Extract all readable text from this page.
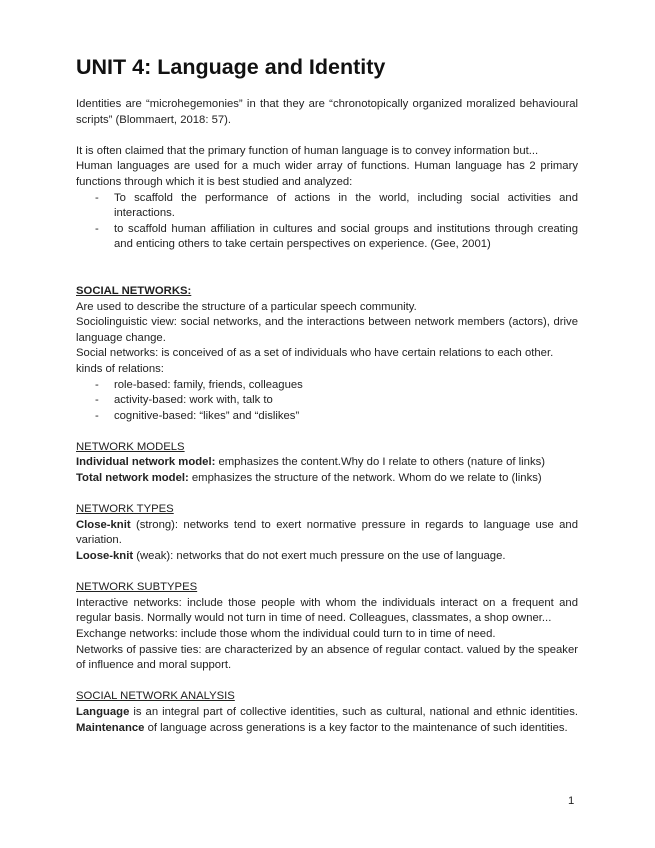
UNIT 4: Language and Identity

Identities are “microhegemonies” in that they are “chronotopically organized moralized behavioural scripts” (Blommaert, 2018: 57).

It is often claimed that the primary function of human language is to convey information but...

Human languages are used for a much wider array of functions. Human language has 2 primary functions through which it is best studied and analyzed:

- To scaffold the performance of actions in the world, including social activities and interactions.
- to scaffold human affiliation in cultures and social groups and institutions through creating and enticing others to take certain perspectives on experience. (Gee, 2001)

SOCIAL NETWORKS:

Are used to describe the structure of a particular speech community.

Sociolinguistic view: social networks, and the interactions between network members (actors), drive language change.

Social networks: is conceived of as a set of individuals who have certain relations to each other.

kinds of relations:

- role-based: family, friends, colleagues
- activity-based: work with, talk to
- cognitive-based: “likes” and “dislikes”

NETWORK MODELS

Individual network model: emphasizes the content.Why do I relate to others (nature of links)

Total network model: emphasizes the structure of the network. Whom do we relate to (links)

NETWORK TYPES

Close-knit (strong): networks tend to exert normative pressure in regards to language use and variation.

Loose-knit (weak): networks that do not exert much pressure on the use of language.

NETWORK SUBTYPES

Interactive networks: include those people with whom the individuals interact on a frequent and regular basis. Normally would not turn in time of need. Colleagues, classmates, a shop owner...

Exchange networks: include those whom the individual could turn to in time of need.

Networks of passive ties: are characterized by an absence of regular contact. valued by the speaker of influence and moral support.

SOCIAL NETWORK ANALYSIS

Language is an integral part of collective identities, such as cultural, national and ethnic identities. Maintenance of language across generations is a key factor to the maintenance of such identities.

1
